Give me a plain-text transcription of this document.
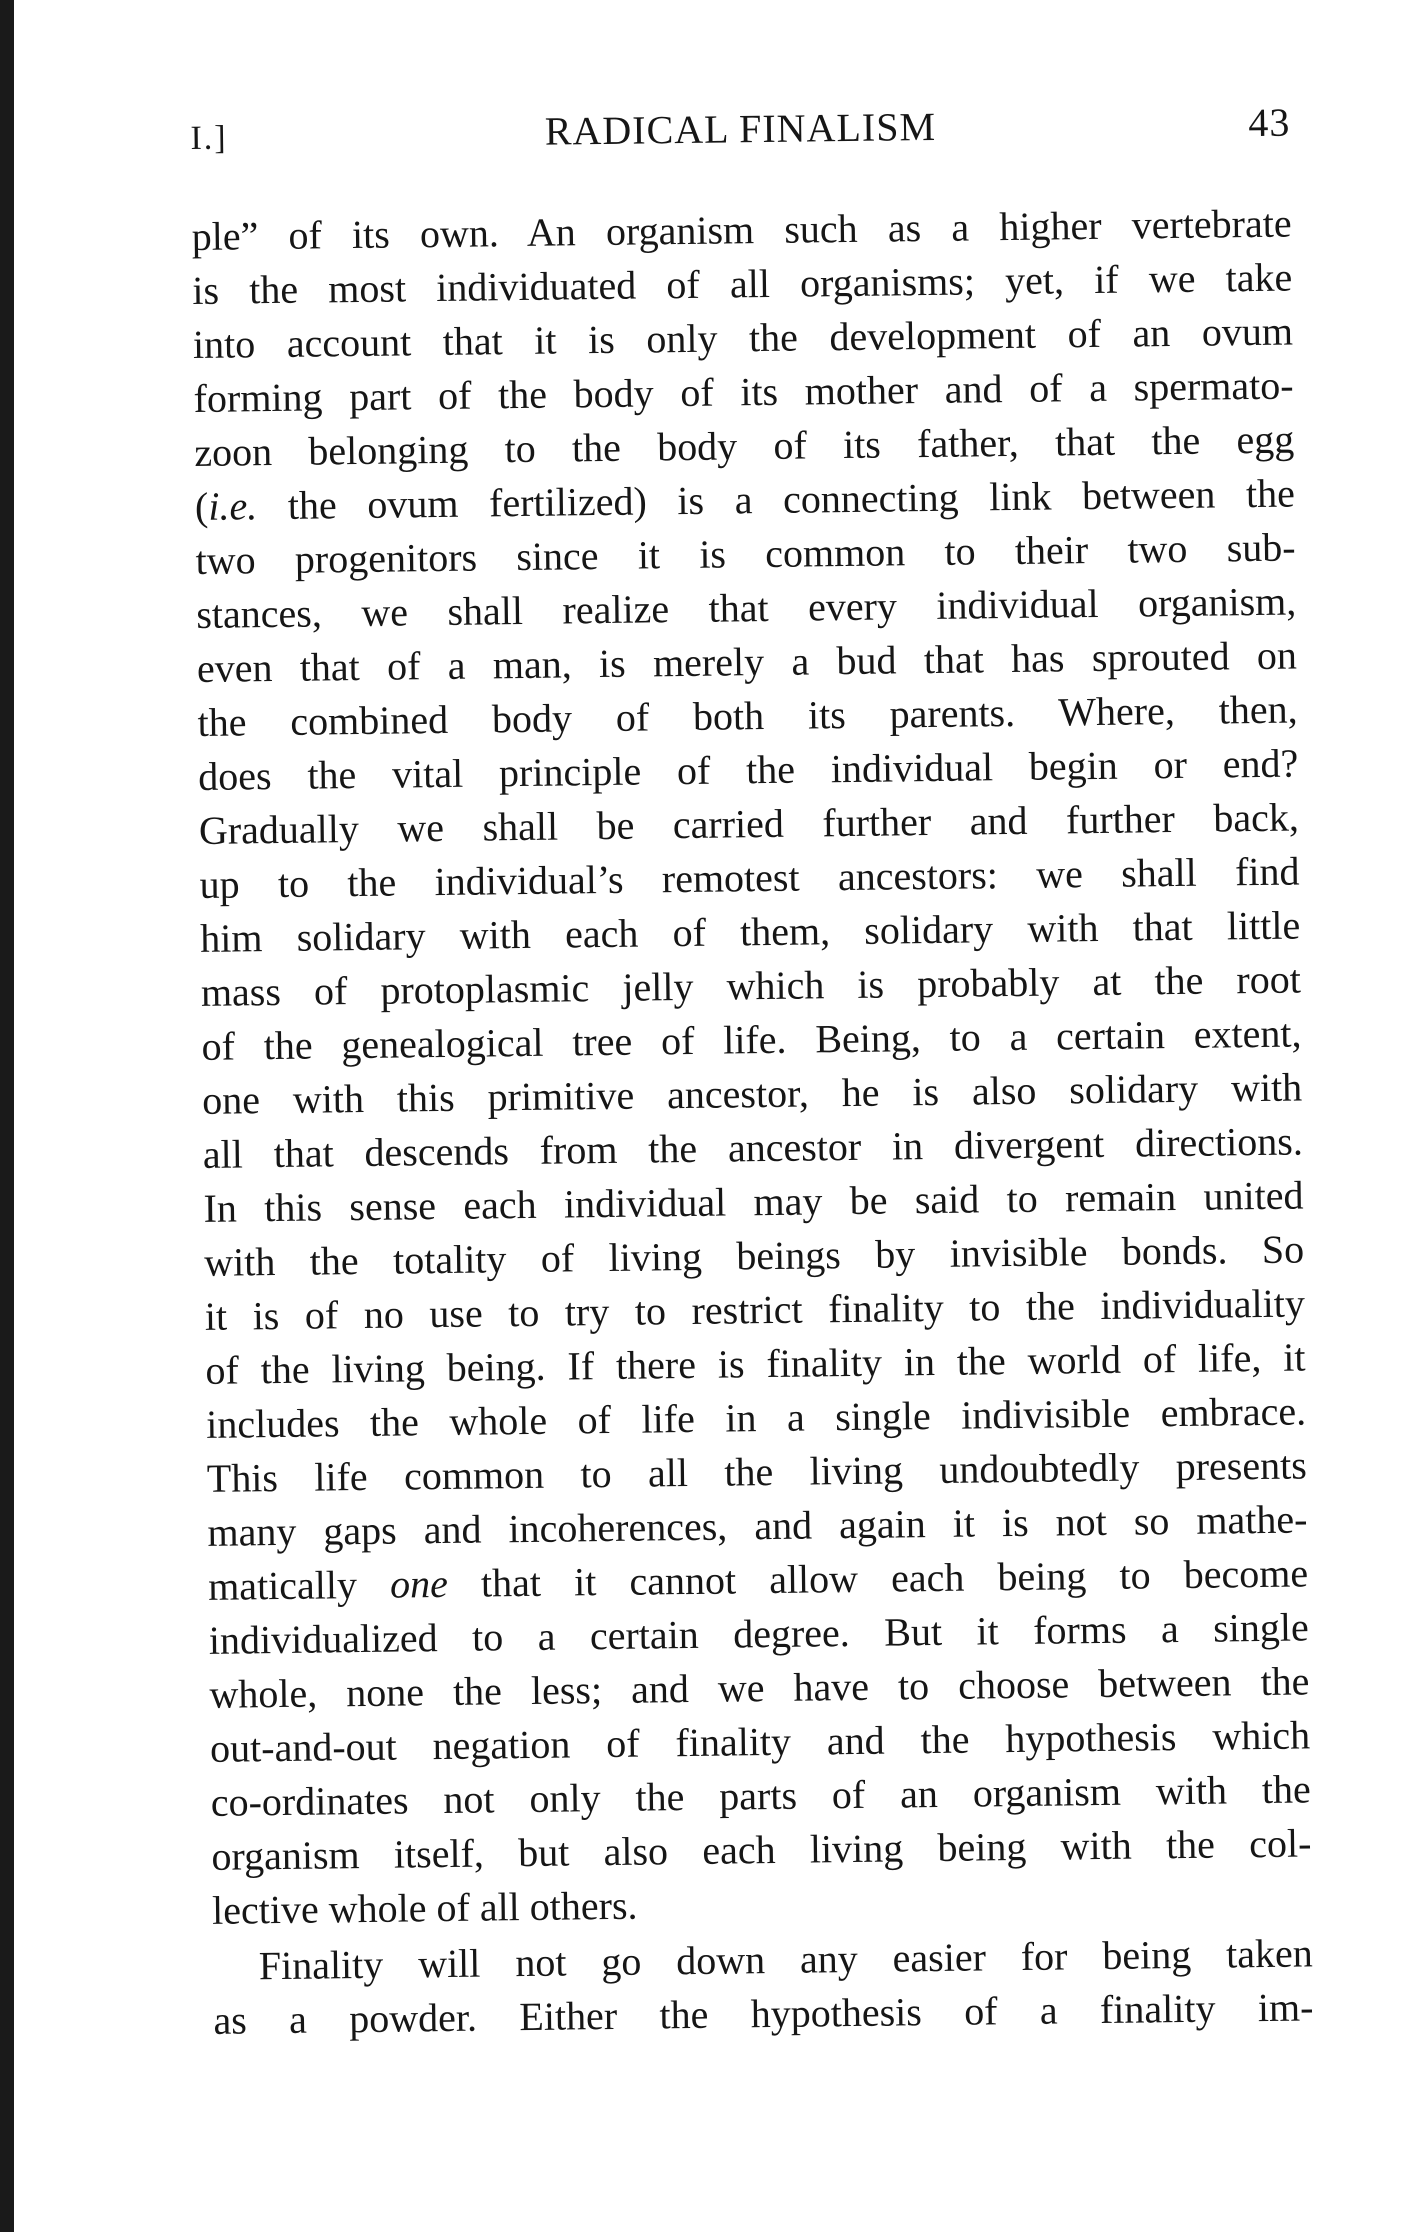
I.]	RADICAL FINALISM	43
ple” of its own. An organism such as a higher vertebrate
is the most individuated of all organisms; yet, if we take
into account that it is only the development of an ovum
forming part of the body of its mother and of a spermato-
zoon belonging to the body of its father, that the egg
(i.e. the ovum fertilized) is a connecting link between the
two progenitors since it is common to their two sub-
stances, we shall realize that every individual organism,
even that of a man, is merely a bud that has sprouted on
the combined body of both its parents. Where, then,
does the vital principle of the individual begin or end?
Gradually we shall be carried further and further back,
up to the individual’s remotest ancestors: we shall find
him solidary with each of them, solidary with that little
mass of protoplasmic jelly which is probably at the root
of the genealogical tree of life. Being, to a certain extent,
one with this primitive ancestor, he is also solidary with
all that descends from the ancestor in divergent directions.
In this sense each individual may be said to remain united
with the totality of living beings by invisible bonds. So
it is of no use to try to restrict finality to the individuality
of the living being. If there is finality in the world of life, it
includes the whole of life in a single indivisible embrace.
This life common to all the living undoubtedly presents
many gaps and incoherences, and again it is not so mathe-
matically one that it cannot allow each being to become
individualized to a certain degree. But it forms a single
whole, none the less; and we have to choose between the
out-and-out negation of finality and the hypothesis which
co-ordinates not only the parts of an organism with the
organism itself, but also each living being with the col-
lective whole of all others.
Finality will not go down any easier for being taken
as a powder. Either the hypothesis of a finality im-
